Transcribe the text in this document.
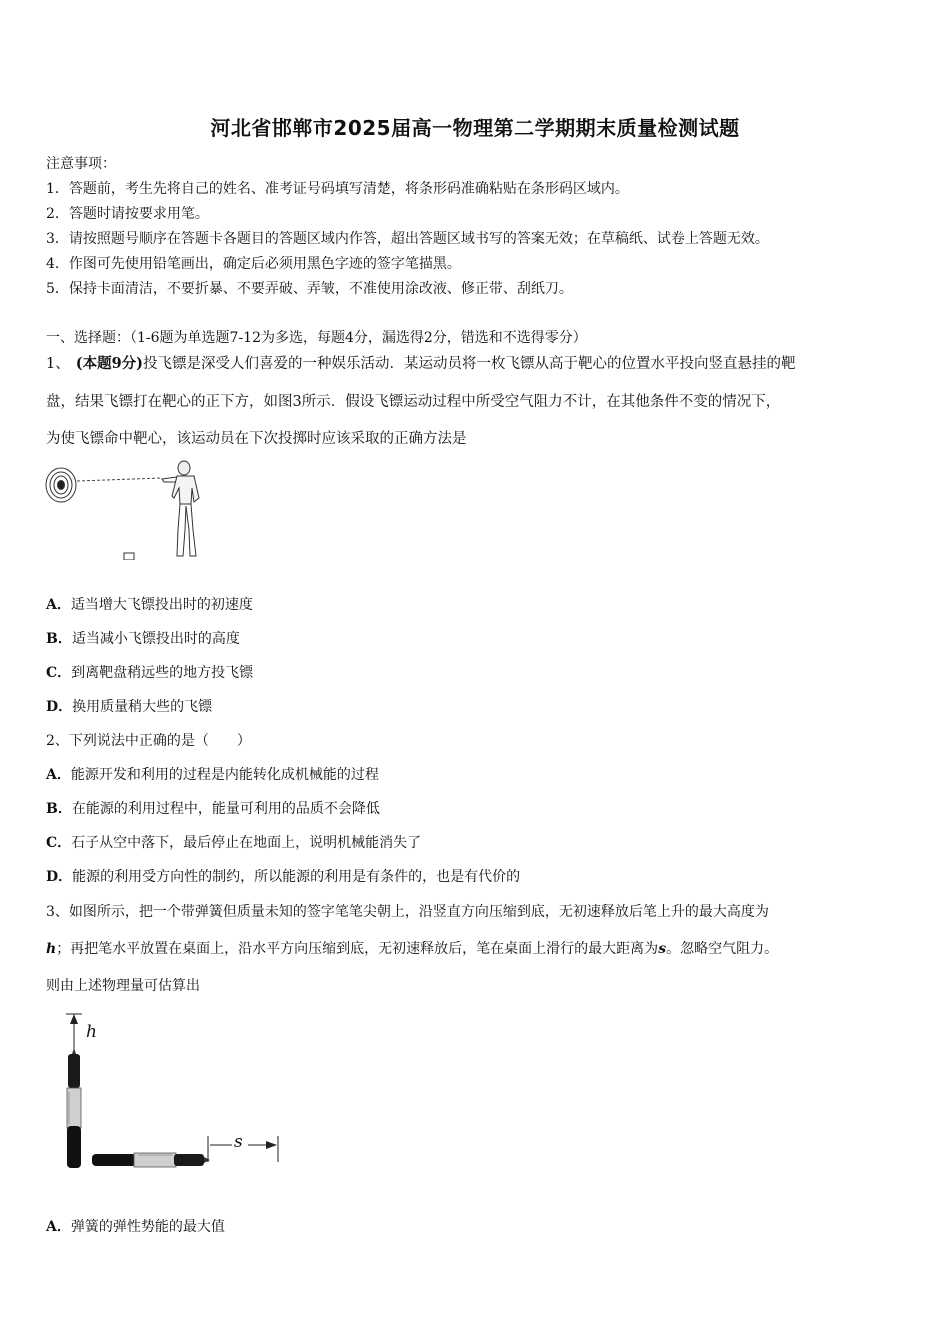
河北省邯郸市2025届高一物理第二学期期末质量检测试题
注意事项：
1．答题前，考生先将自己的姓名、准考证号码填写清楚，将条形码准确粘贴在条形码区域内。
2．答题时请按要求用笔。
3．请按照题号顺序在答题卡各题目的答题区域内作答，超出答题区域书写的答案无效；在草稿纸、试卷上答题无效。
4．作图可先使用铅笔画出，确定后必须用黑色字迹的签字笔描黑。
5．保持卡面清洁，不要折暴、不要弄破、弄皱，不准使用涂改液、修正带、刮纸刀。
一、选择题：（1-6题为单选题7-12为多选，每题4分，漏选得2分，错选和不选得零分）
1、 (本题9分)投飞镖是深受人们喜爱的一种娱乐活动．某运动员将一枚飞镖从高于靶心的位置水平投向竖直悬挂的靶
盘，结果飞镖打在靶心的正下方，如图3所示．假设飞镖运动过程中所受空气阻力不计，在其他条件不变的情况下，
为使飞镖命中靶心，该运动员在下次投掷时应该采取的正确方法是
A．适当增大飞镖投出时的初速度
B．适当减小飞镖投出时的高度
C．到离靶盘稍远些的地方投飞镖
D．换用质量稍大些的飞镖
2、下列说法中正确的是（　　）
A．能源开发和利用的过程是内能转化成机械能的过程
B．在能源的利用过程中，能量可利用的品质不会降低
C．石子从空中落下，最后停止在地面上，说明机械能消失了
D．能源的利用受方向性的制约，所以能源的利用是有条件的，也是有代价的
3、如图所示，把一个带弹簧但质量未知的签字笔笔尖朝上，沿竖直方向压缩到底，无初速释放后笔上升的最大高度为
h；再把笔水平放置在桌面上，沿水平方向压缩到底，无初速释放后，笔在桌面上滑行的最大距离为s。忽略空气阻力。
则由上述物理量可估算出
h
s
A．弹簧的弹性势能的最大值
